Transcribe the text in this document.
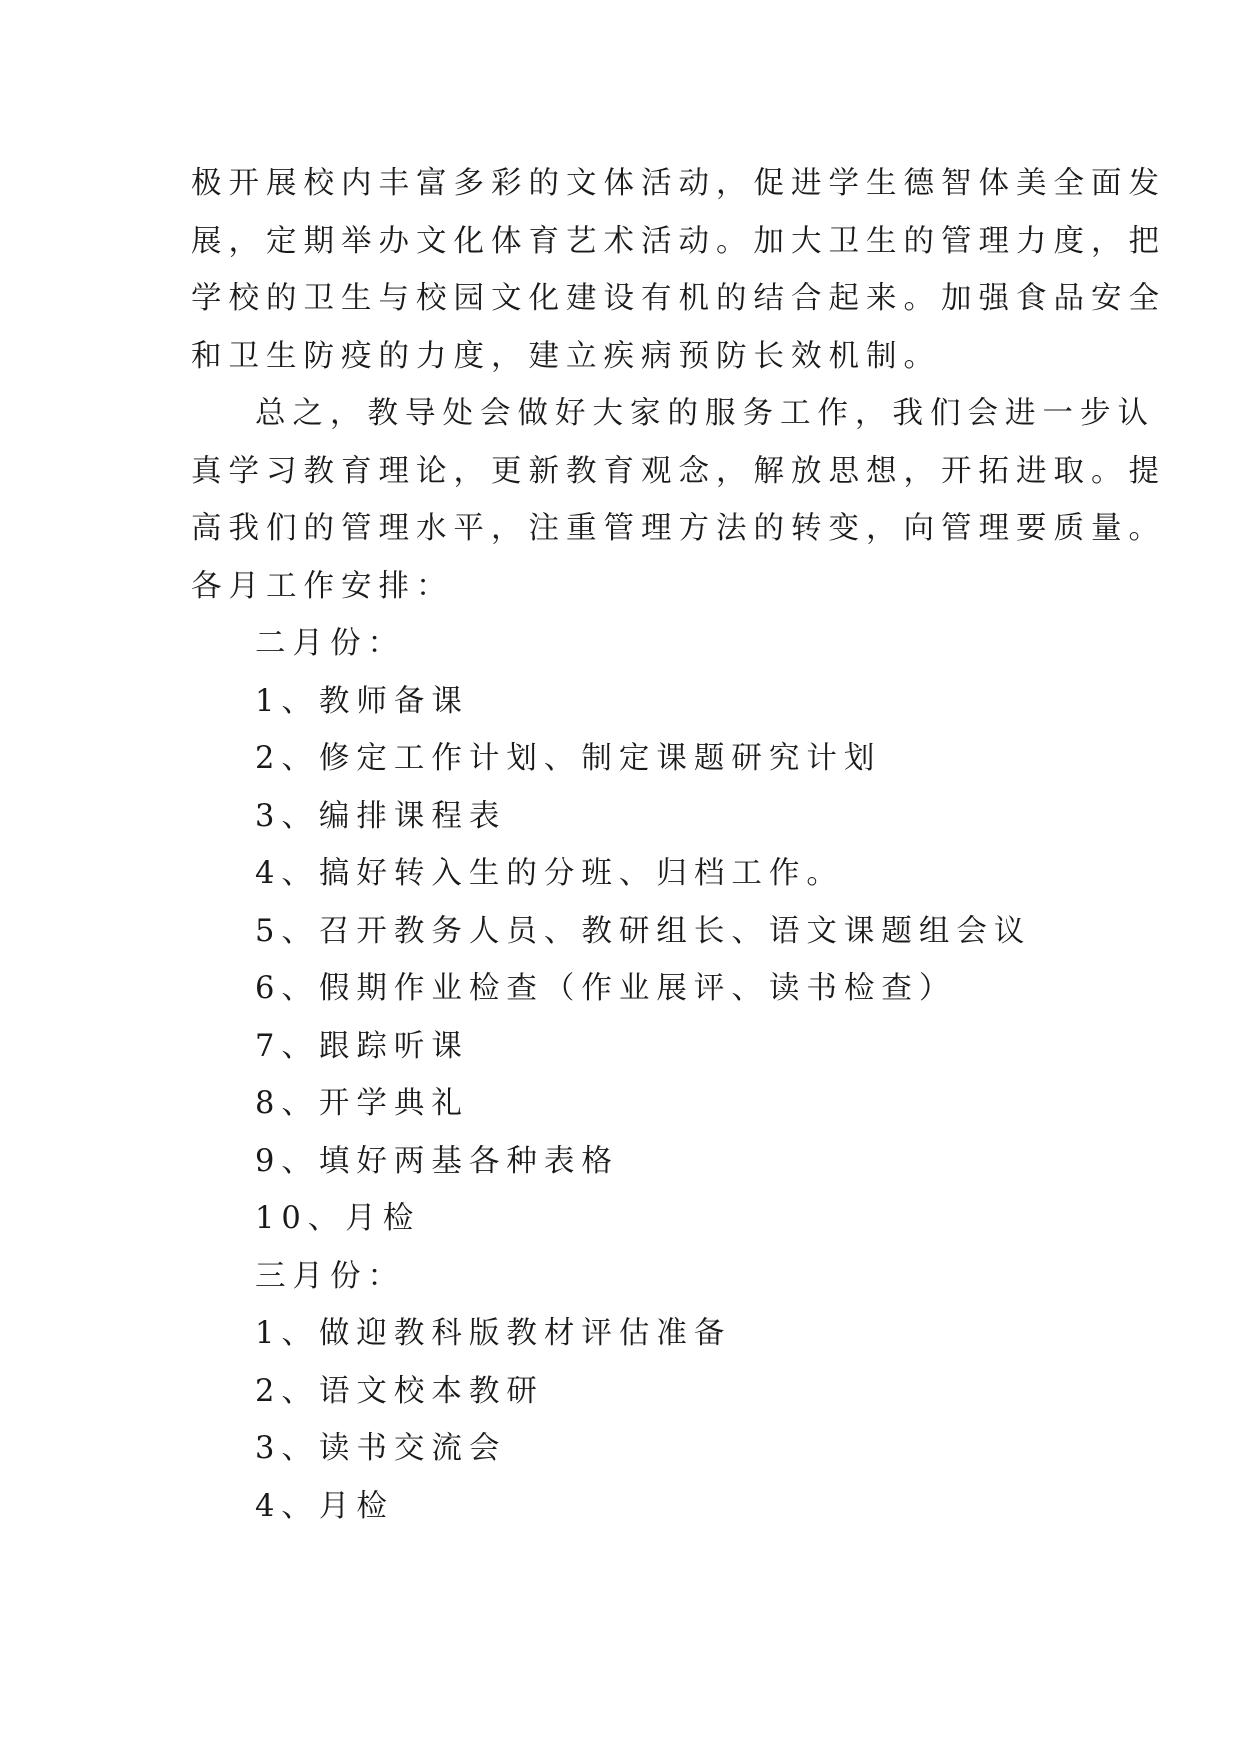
极开展校内丰富多彩的文体活动，促进学生德智体美全面发
展，定期举办文化体育艺术活动。加大卫生的管理力度，把
学校的卫生与校园文化建设有机的结合起来。加强食品安全
和卫生防疫的力度，建立疾病预防长效机制。
总之，教导处会做好大家的服务工作，我们会进一步认
真学习教育理论，更新教育观念，解放思想，开拓进取。提
高我们的管理水平，注重管理方法的转变，向管理要质量。
各月工作安排：
二月份：
1、教师备课
2、修定工作计划、制定课题研究计划
3、编排课程表
4、搞好转入生的分班、归档工作。
5、召开教务人员、教研组长、语文课题组会议
6、假期作业检查（作业展评、读书检查）
7、跟踪听课
8、开学典礼
9、填好两基各种表格
10、月检
三月份：
1、做迎教科版教材评估准备
2、语文校本教研
3、读书交流会
4、月检
